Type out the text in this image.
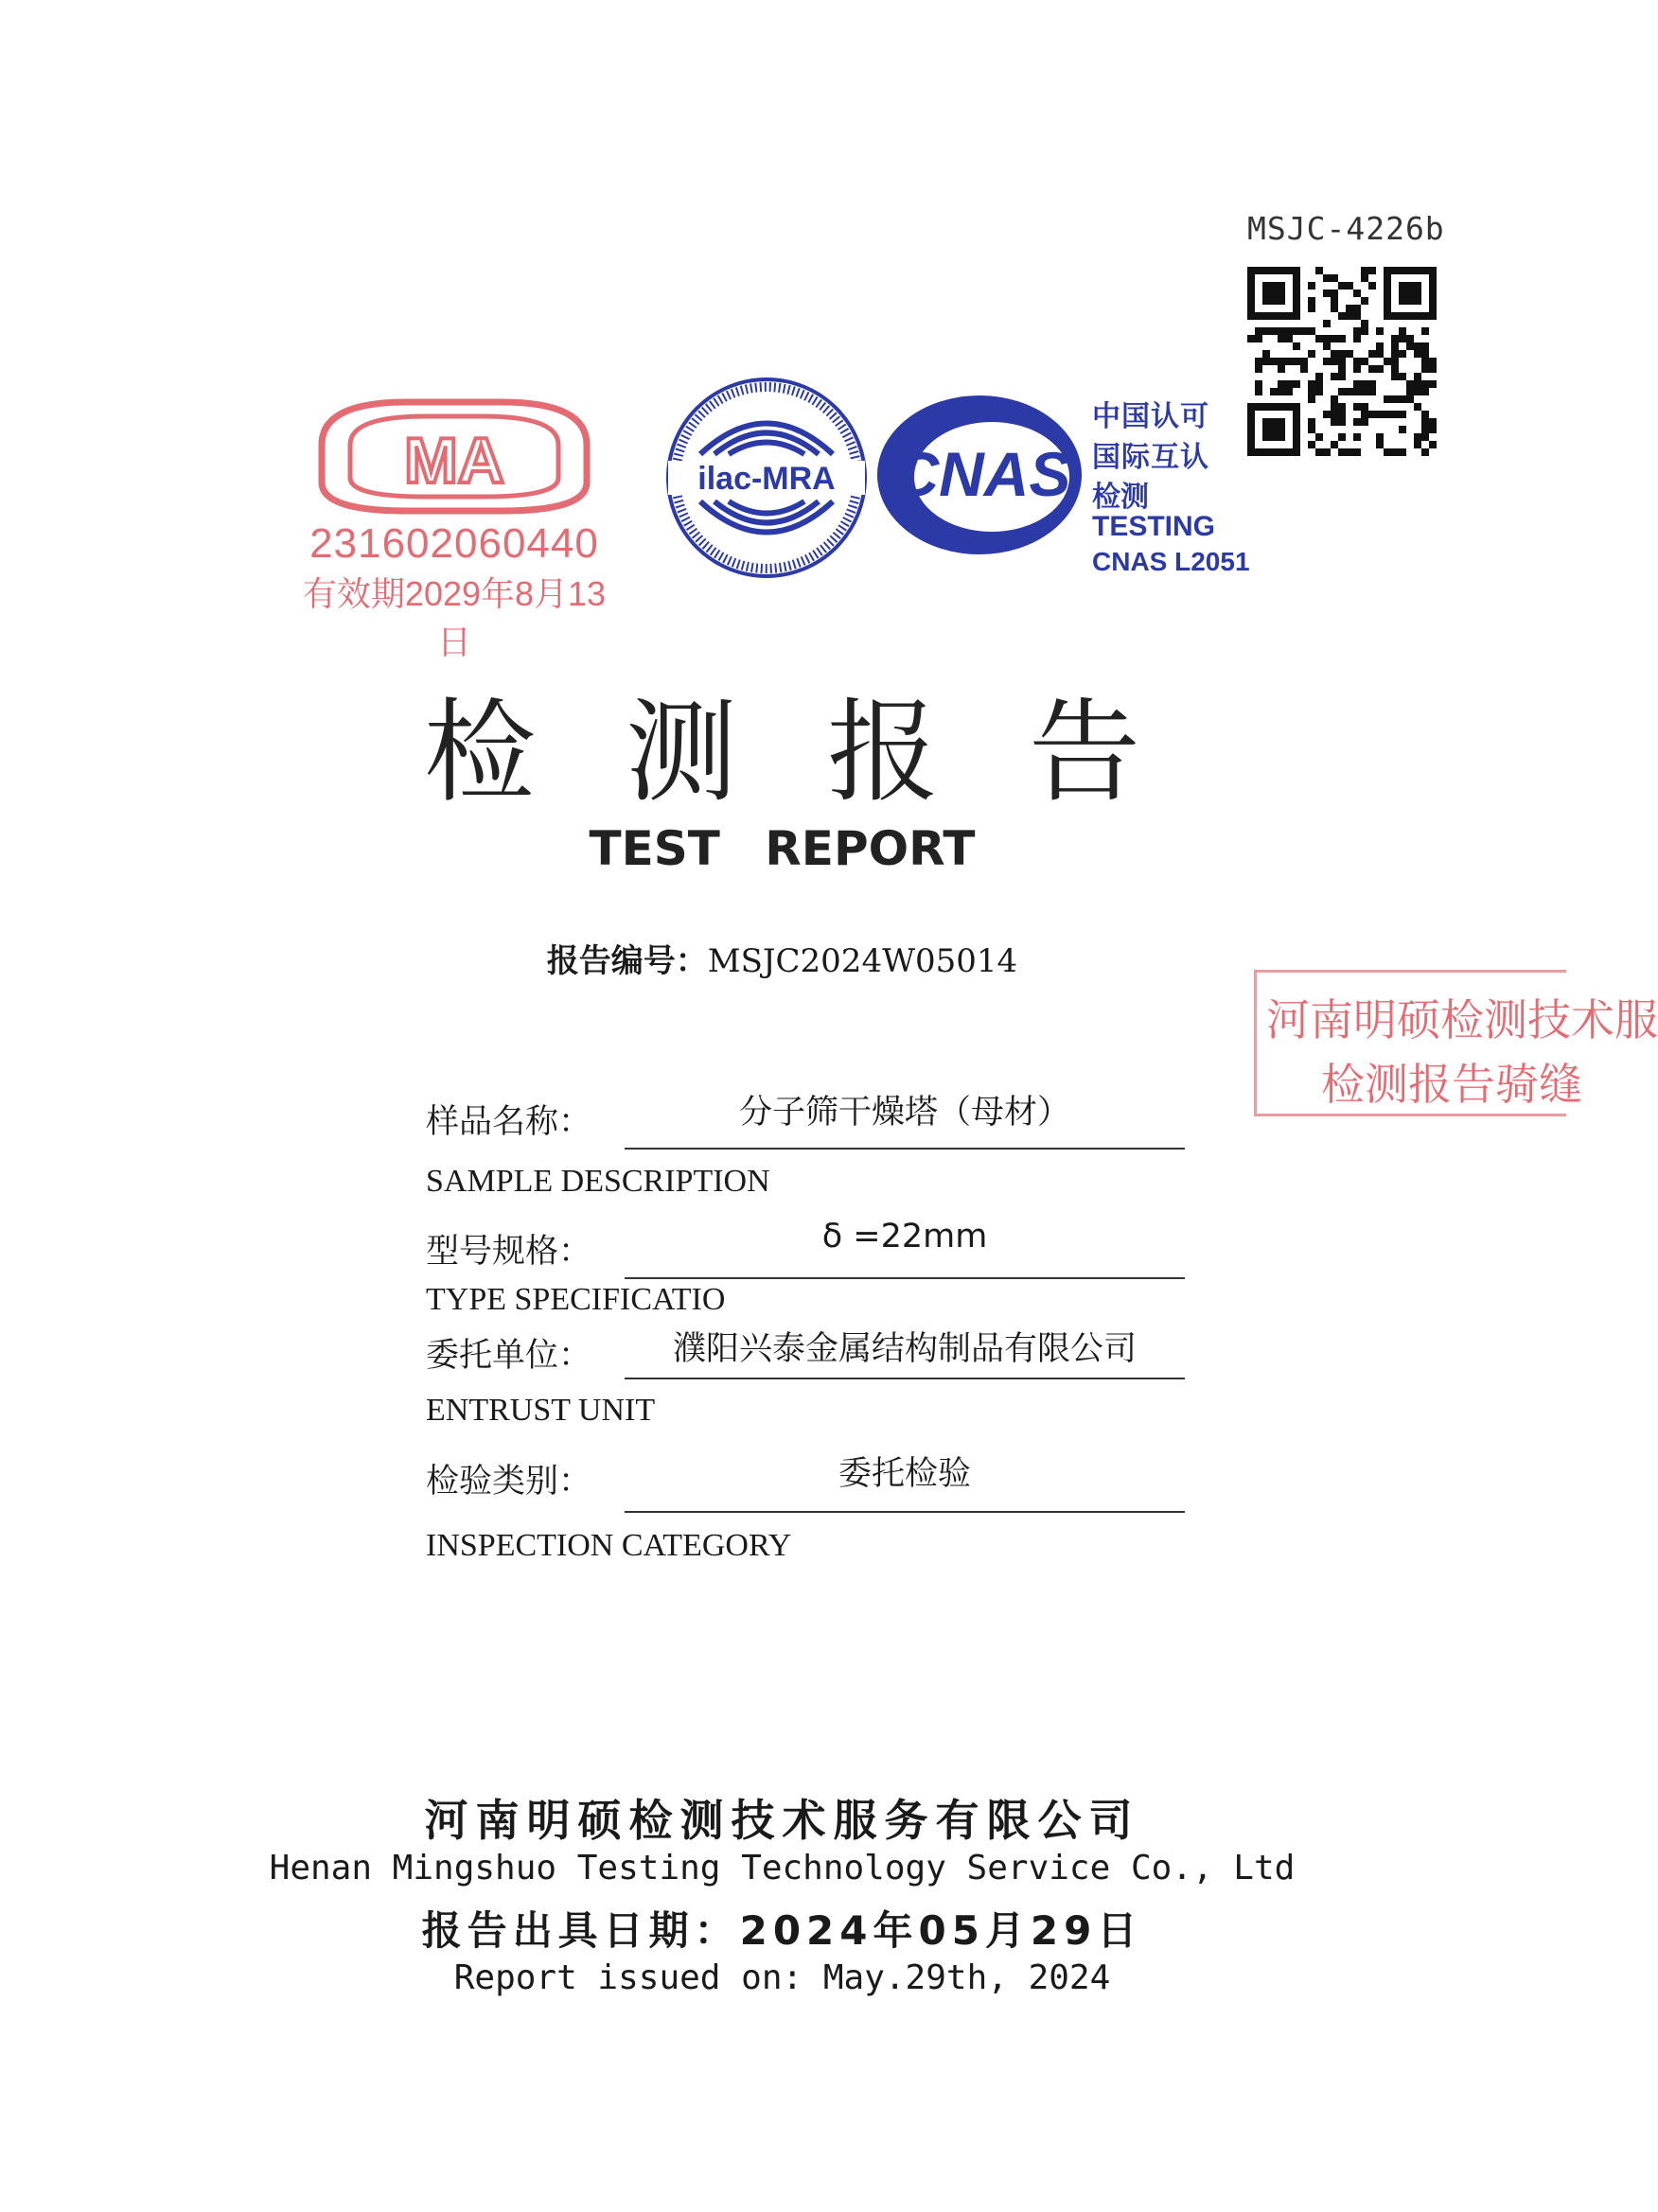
MSJC-4226b
MA
231602060440
有效期2029年8月13日
ilac-MRA CNAS
中国认可
国际互认
检测
TESTING
CNAS L2051
检测报告
TEST REPORT
报告编号：MSJC2024W05014
河南明硕检测技术服
检测报告骑缝
样品名称：	分子筛干燥塔（母材）
SAMPLE DESCRIPTION
型号规格：	δ =22mm
TYPE SPECIFICATIO
委托单位：	濮阳兴泰金属结构制品有限公司
ENTRUST UNIT
检验类别：	委托检验
INSPECTION CATEGORY
河南明硕检测技术服务有限公司
Henan Mingshuo Testing Technology Service Co., Ltd
报告出具日期：2024年05月29日
Report issued on: May.29th, 2024
